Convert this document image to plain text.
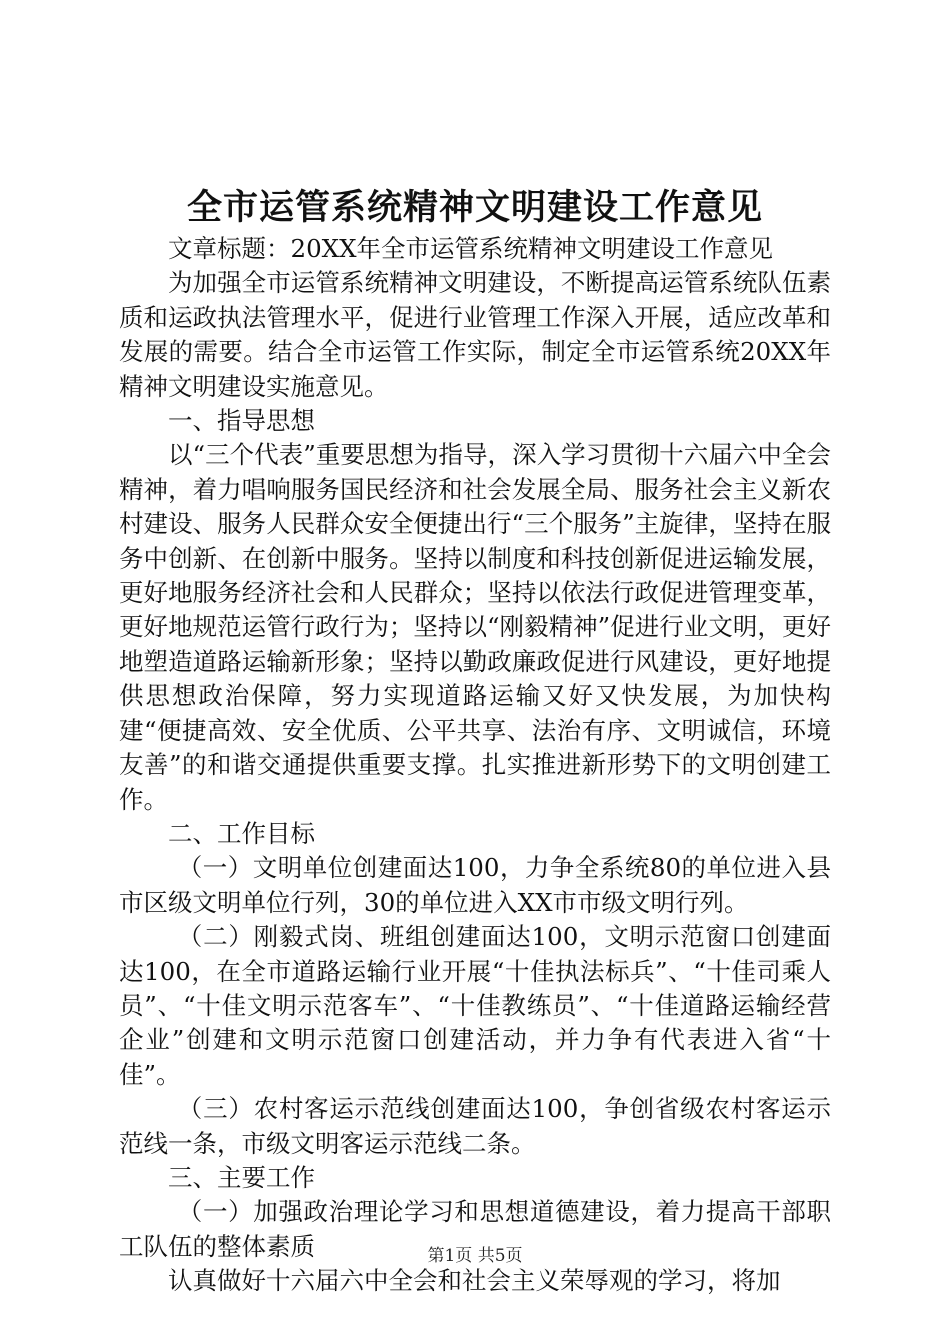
全市运管系统精神文明建设工作意见

文章标题：20XX年全市运管系统精神文明建设工作意见

为加强全市运管系统精神文明建设，不断提高运管系统队伍素质和运政执法管理水平，促进行业管理工作深入开展，适应改革和发展的需要。结合全市运管工作实际，制定全市运管系统20XX年精神文明建设实施意见。

一、指导思想

以“三个代表”重要思想为指导，深入学习贯彻十六届六中全会精神，着力唱响服务国民经济和社会发展全局、服务社会主义新农村建设、服务人民群众安全便捷出行“三个服务”主旋律，坚持在服务中创新、在创新中服务。坚持以制度和科技创新促进运输发展，更好地服务经济社会和人民群众；坚持以依法行政促进管理变革，更好地规范运管行政行为；坚持以“刚毅精神”促进行业文明，更好地塑造道路运输新形象；坚持以勤政廉政促进行风建设，更好地提供思想政治保障，努力实现道路运输又好又快发展，为加快构建“便捷高效、安全优质、公平共享、法治有序、文明诚信，环境友善”的和谐交通提供重要支撑。扎实推进新形势下的文明创建工作。

二、工作目标

（一）文明单位创建面达100，力争全系统80的单位进入县市区级文明单位行列，30的单位进入XX市市级文明行列。

（二）刚毅式岗、班组创建面达100，文明示范窗口创建面达100，在全市道路运输行业开展“十佳执法标兵”、“十佳司乘人员”、“十佳文明示范客车”、“十佳教练员”、“十佳道路运输经营企业”创建和文明示范窗口创建活动，并力争有代表进入省“十佳”。

（三）农村客运示范线创建面达100，争创省级农村客运示范线一条，市级文明客运示范线二条。

三、主要工作

（一）加强政治理论学习和思想道德建设，着力提高干部职工队伍的整体素质

认真做好十六届六中全会和社会主义荣辱观的学习，将加

第1页 共5页
